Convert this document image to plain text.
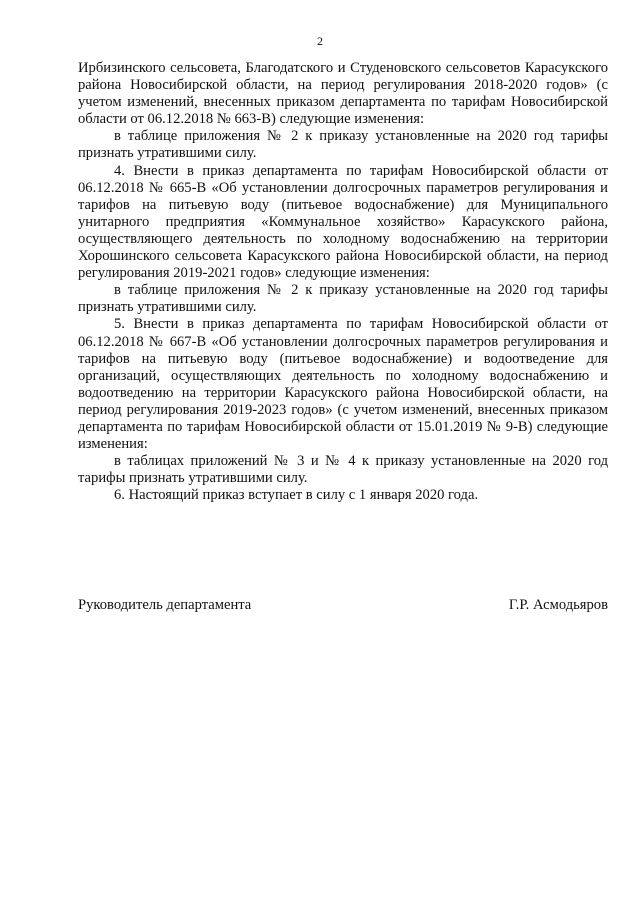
2

Ирбизинского сельсовета, Благодатского и Студеновского сельсоветов Карасукского района Новосибирской области, на период регулирования 2018-2020 годов» (с учетом изменений, внесенных приказом департамента по тарифам Новосибирской области от 06.12.2018 № 663-В) следующие изменения:

в таблице приложения № 2 к приказу установленные на 2020 год тарифы признать утратившими силу.

4. Внести в приказ департамента по тарифам Новосибирской области от 06.12.2018 № 665-В «Об установлении долгосрочных параметров регулирования и тарифов на питьевую воду (питьевое водоснабжение) для Муниципального унитарного предприятия «Коммунальное хозяйство» Карасукского района, осуществляющего деятельность по холодному водоснабжению на территории Хорошинского сельсовета Карасукского района Новосибирской области, на период регулирования 2019-2021 годов» следующие изменения:

в таблице приложения № 2 к приказу установленные на 2020 год тарифы признать утратившими силу.

5. Внести в приказ департамента по тарифам Новосибирской области от 06.12.2018 № 667-В «Об установлении долгосрочных параметров регулирования и тарифов на питьевую воду (питьевое водоснабжение) и водоотведение для организаций, осуществляющих деятельность по холодному водоснабжению и водоотведению на территории Карасукского района Новосибирской области, на период регулирования 2019-2023 годов» (с учетом изменений, внесенных приказом департамента по тарифам Новосибирской области от 15.01.2019 № 9-В) следующие изменения:

в таблицах приложений № 3 и № 4 к приказу установленные на 2020 год тарифы признать утратившими силу.

6. Настоящий приказ вступает в силу с 1 января 2020 года.

Руководитель департамента	Г.Р. Асмодьяров
